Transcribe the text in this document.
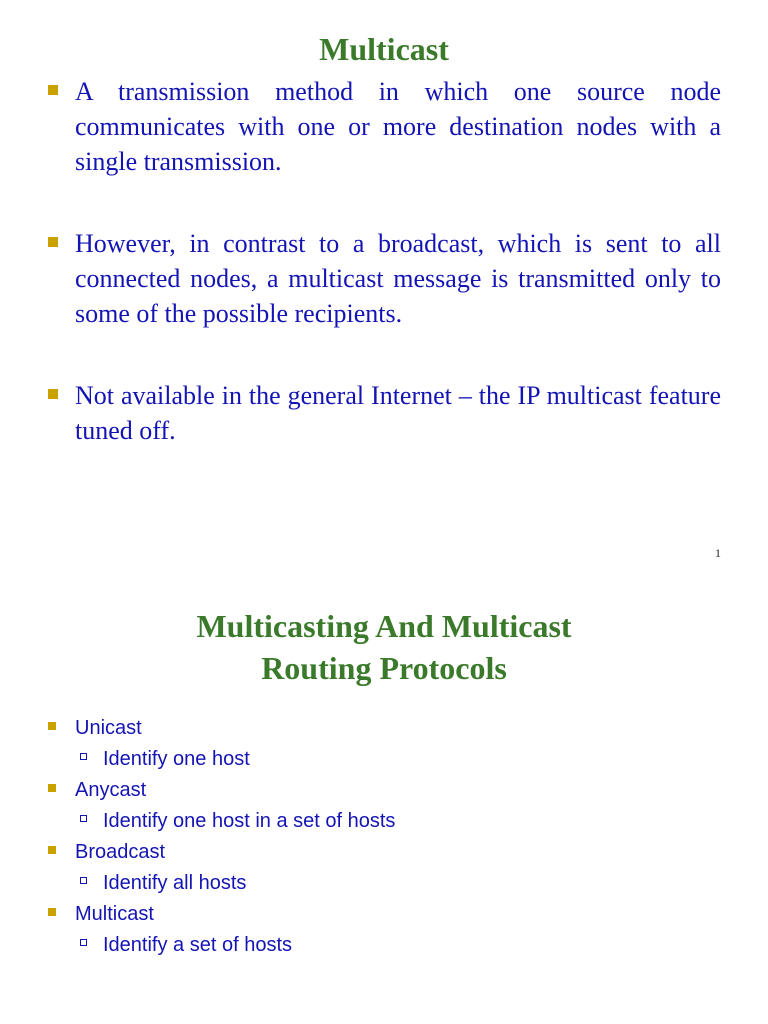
Multicast
A transmission method in which one source node communicates with one or more destination nodes with a single transmission.
However, in contrast to a broadcast, which is sent to all connected nodes, a multicast message is transmitted only to some of the possible recipients.
Not available in the general Internet – the IP multicast feature tuned off.
1
Multicasting And Multicast
Routing Protocols
Unicast
Identify one host
Anycast
Identify one host in a set of hosts
Broadcast
Identify all hosts
Multicast
Identify a set of hosts
